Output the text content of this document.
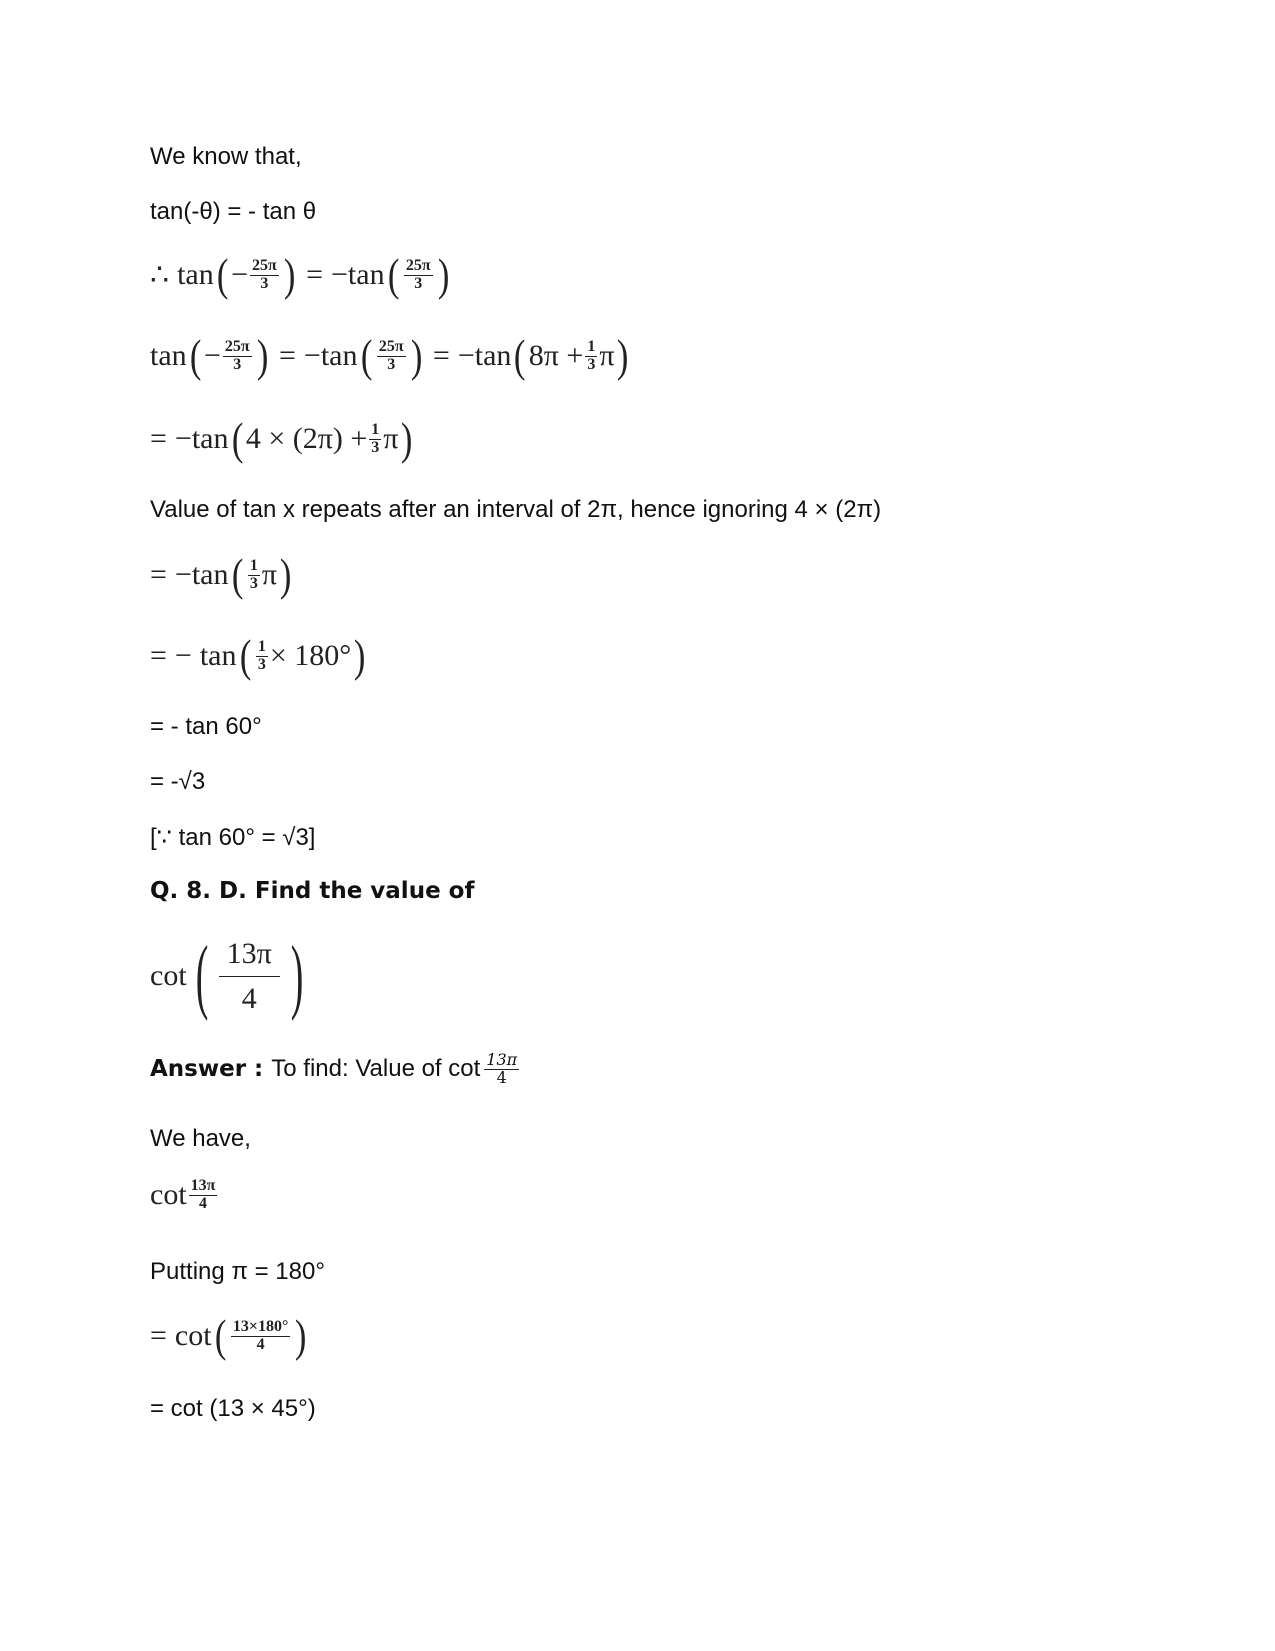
We know that,
tan(-θ) = - tan θ
∴ tan ( − $\frac{25\pi}{3}$ ) = −tan ( $\frac{25\pi}{3}$ )
tan ( − $\frac{25\pi}{3}$ ) = −tan ( $\frac{25\pi}{3}$ ) = −tan ( $8\pi + \frac{1}{3}$ π )
= −tan ( $4 \times (2\pi) + \frac{1}{3}$ π )
Value of tan x repeats after an interval of 2π, hence ignoring 4 × (2π)
= −tan ( $\frac{1}{3}$ π )
= − tan ( $\frac{1}{3} \times 180^\circ$ )
= - tan 60°
= -√3
[∵ tan 60° = √3]
Q. 8. D. Find the value of
cot ( $\frac{13\pi}{4}$ )
Answer : To find: Value of $\cot \frac{13\pi}{4}$
We have,
$\cot \frac{13\pi}{4}$
Putting π = 180°
= cot ( $\frac{13\times 180^\circ}{4}$ )
= cot (13 × 45°)
